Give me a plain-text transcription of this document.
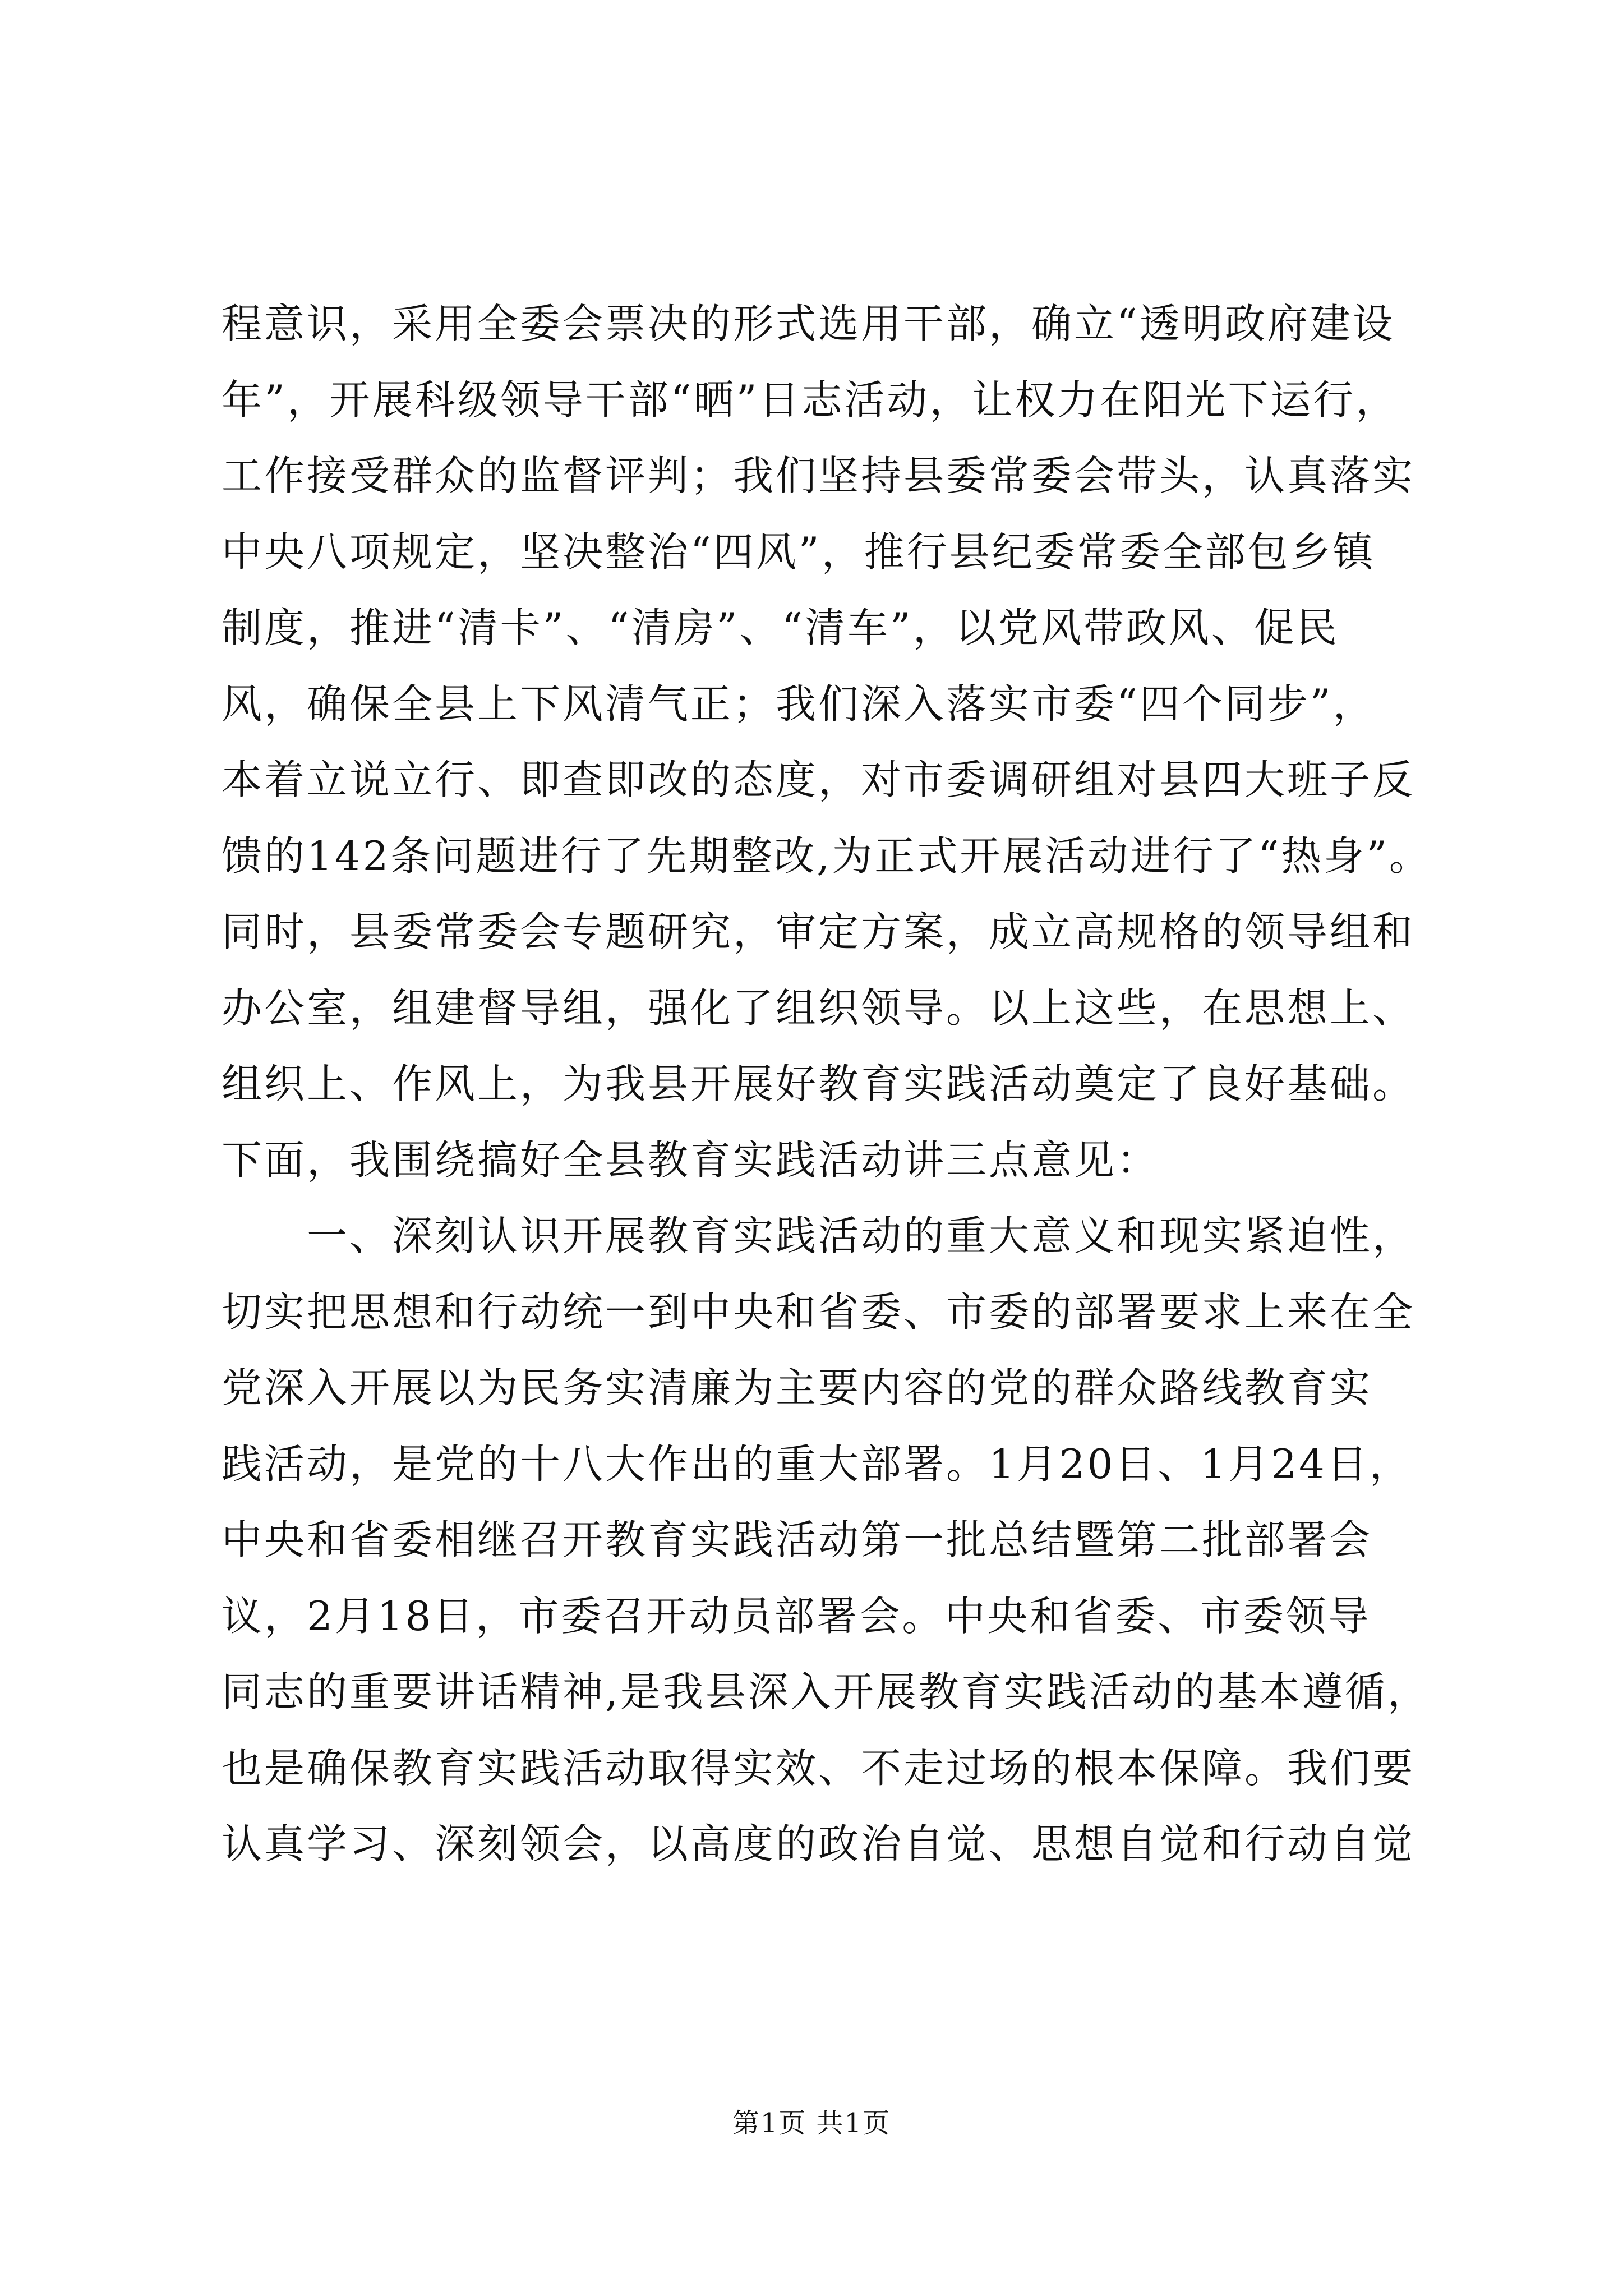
程意识，采用全委会票决的形式选用干部，确立“透明政府建设
年”，开展科级领导干部“晒”日志活动，让权力在阳光下运行，
工作接受群众的监督评判；我们坚持县委常委会带头，认真落实
中央八项规定，坚决整治“四风”，推行县纪委常委全部包乡镇
制度，推进“清卡”、“清房”、“清车”，以党风带政风、促民
风，确保全县上下风清气正；我们深入落实市委“四个同步”，
本着立说立行、即查即改的态度，对市委调研组对县四大班子反
馈的142条问题进行了先期整改,为正式开展活动进行了“热身”。
同时，县委常委会专题研究，审定方案，成立高规格的领导组和
办公室，组建督导组，强化了组织领导。以上这些，在思想上、
组织上、作风上，为我县开展好教育实践活动奠定了良好基础。
下面，我围绕搞好全县教育实践活动讲三点意见：
　　一、深刻认识开展教育实践活动的重大意义和现实紧迫性，
切实把思想和行动统一到中央和省委、市委的部署要求上来在全
党深入开展以为民务实清廉为主要内容的党的群众路线教育实
践活动，是党的十八大作出的重大部署。1月20日、1月24日，
中央和省委相继召开教育实践活动第一批总结暨第二批部署会
议，2月18日，市委召开动员部署会。中央和省委、市委领导
同志的重要讲话精神,是我县深入开展教育实践活动的基本遵循，
也是确保教育实践活动取得实效、不走过场的根本保障。我们要
认真学习、深刻领会，以高度的政治自觉、思想自觉和行动自觉
第1页 共1页
